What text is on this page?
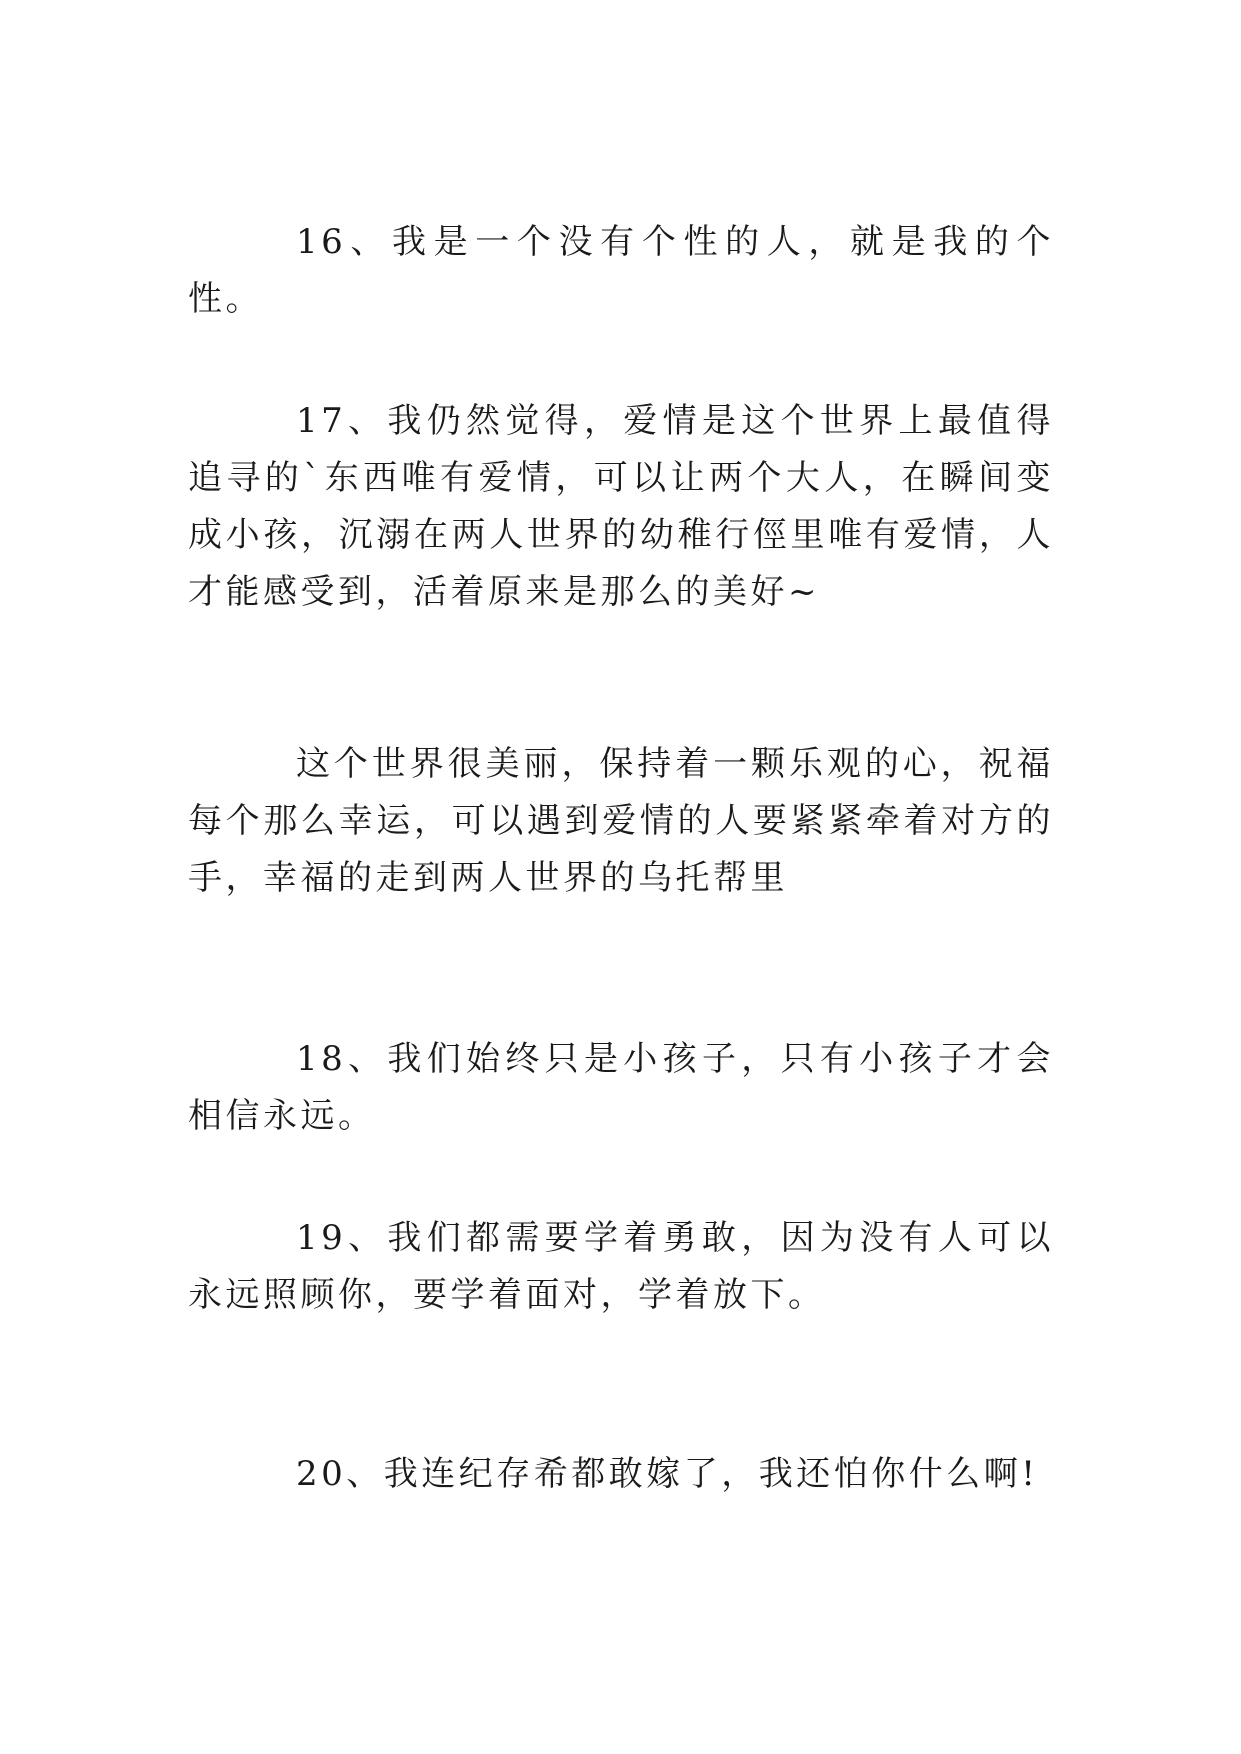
16、我是一个没有个性的人，就是我的个性。

17、我仍然觉得，爱情是这个世界上最值得追寻的`东西唯有爱情，可以让两个大人，在瞬间变成小孩，沉溺在两人世界的幼稚行俓里唯有爱情，人才能感受到，活着原来是那么的美好~

这个世界很美丽，保持着一颗乐观的心，祝福每个那么幸运，可以遇到爱情的人要紧紧牵着对方的手，幸福的走到两人世界的乌托帮里

18、我们始终只是小孩子，只有小孩子才会相信永远。

19、我们都需要学着勇敢，因为没有人可以永远照顾你，要学着面对，学着放下。

20、我连纪存希都敢嫁了，我还怕你什么啊!
